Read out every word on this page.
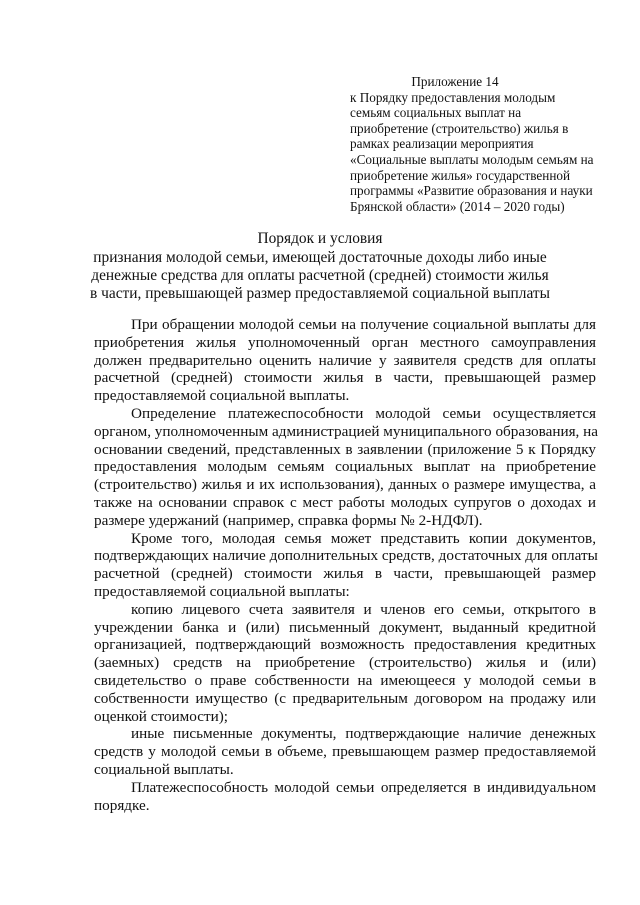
Приложение 14
к Порядку предоставления молодым
семьям социальных выплат на
приобретение (строительство) жилья в
рамках реализации мероприятия
«Социальные выплаты молодым семьям на
приобретение жилья» государственной
программы «Развитие образования и науки
Брянской области» (2014 – 2020 годы)
Порядок и условия
признания молодой семьи, имеющей достаточные доходы либо иные
денежные средства для оплаты расчетной (средней) стоимости жилья
в части, превышающей размер предоставляемой социальной выплаты
При обращении молодой семьи на получение социальной выплаты для
приобретения жилья уполномоченный орган местного самоуправления
должен предварительно оценить наличие у заявителя средств для оплаты
расчетной (средней) стоимости жилья в части, превышающей размер
предоставляемой социальной выплаты.
Определение платежеспособности молодой семьи осуществляется
органом, уполномоченным администрацией муниципального образования, на
основании сведений, представленных в заявлении (приложение 5 к Порядку
предоставления молодым семьям социальных выплат на приобретение
(строительство) жилья и их использования), данных о размере имущества, а
также на основании справок с мест работы молодых супругов о доходах и
размере удержаний (например, справка формы № 2-НДФЛ).
Кроме того, молодая семья может представить копии документов,
подтверждающих наличие дополнительных средств, достаточных для оплаты
расчетной (средней) стоимости жилья в части, превышающей размер
предоставляемой социальной выплаты:
копию лицевого счета заявителя и членов его семьи, открытого в
учреждении банка и (или) письменный документ, выданный кредитной
организацией, подтверждающий возможность предоставления кредитных
(заемных) средств на приобретение (строительство) жилья и (или)
свидетельство о праве собственности на имеющееся у молодой семьи в
собственности имущество (с предварительным договором на продажу или
оценкой стоимости);
иные письменные документы, подтверждающие наличие денежных
средств у молодой семьи в объеме, превышающем размер предоставляемой
социальной выплаты.
Платежеспособность молодой семьи определяется в индивидуальном
порядке.
